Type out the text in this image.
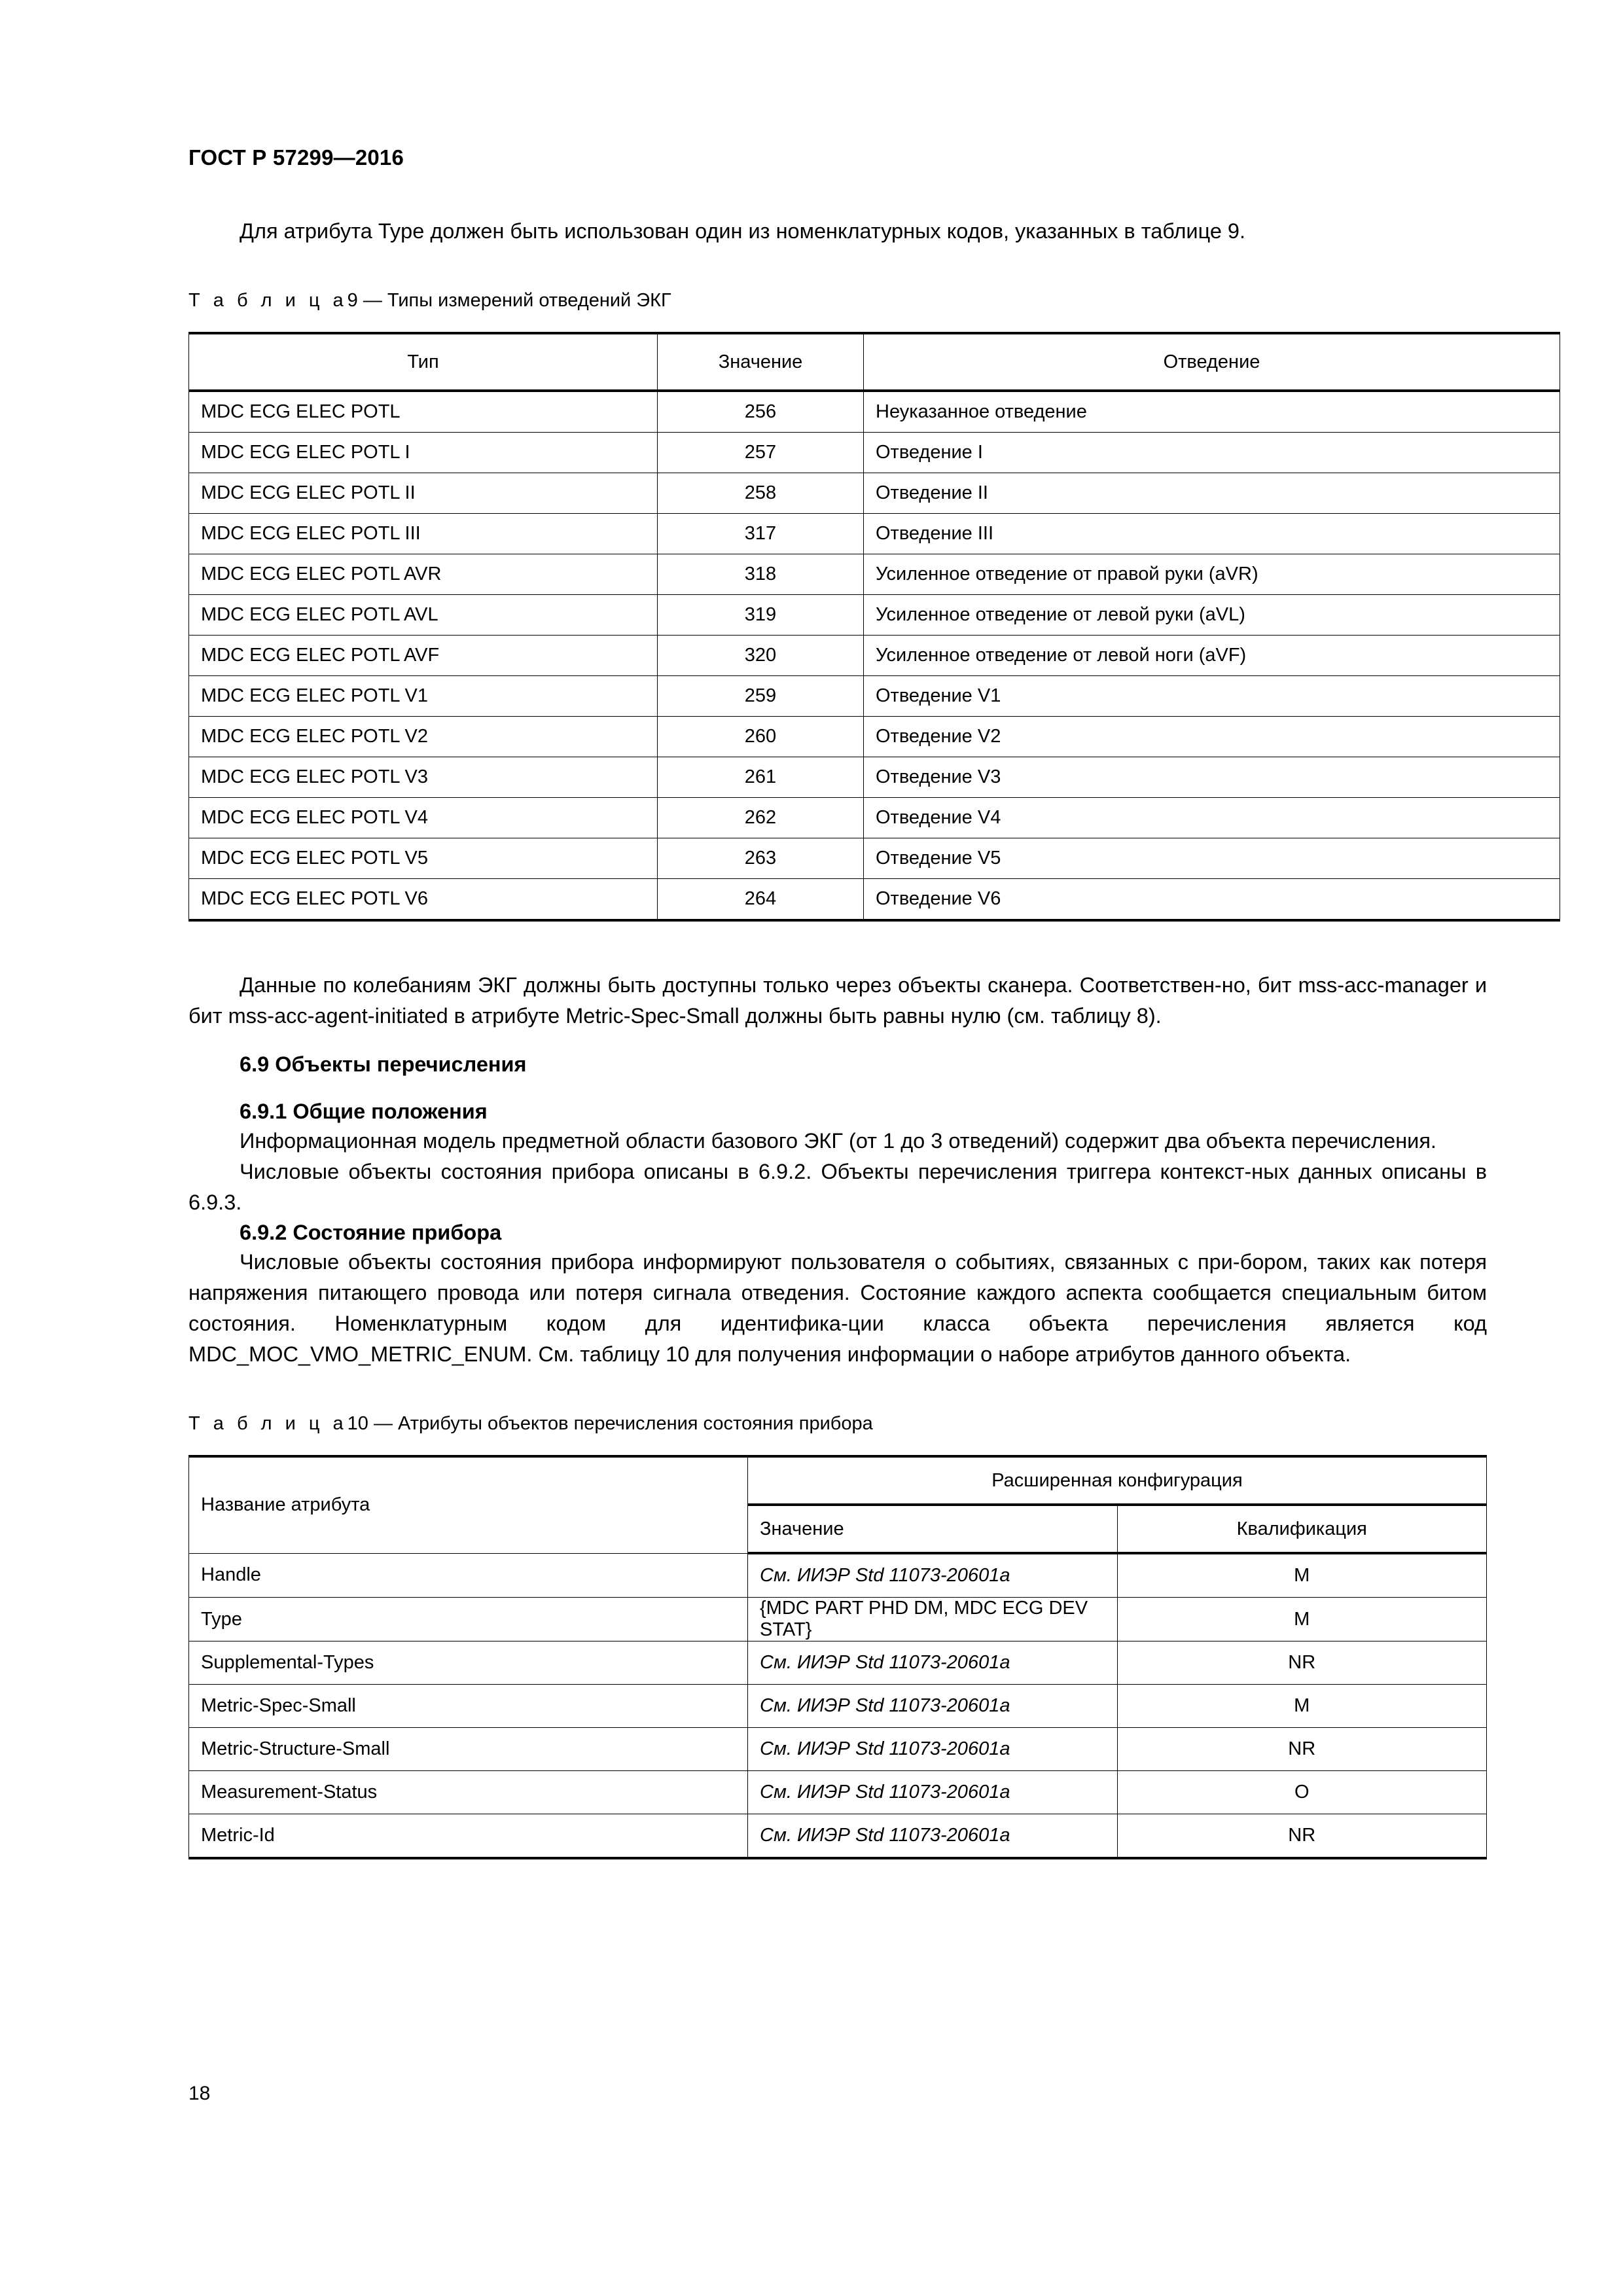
ГОСТ Р 57299—2016

Для атрибута Type должен быть использован один из номенклатурных кодов, указанных в таблице 9.

Т а б л и ц а9 — Типы измерений отведений ЭКГ

Тип	Значение	Отведение
MDC ECG ELEC POTL	256	Неуказанное отведение
MDC ECG ELEC POTL I	257	Отведение I
MDC ECG ELEC POTL II	258	Отведение II
MDC ECG ELEC POTL III	317	Отведение III
MDC ECG ELEC POTL AVR	318	Усиленное отведение от правой руки (aVR)
MDC ECG ELEC POTL AVL	319	Усиленное отведение от левой руки (aVL)
MDC ECG ELEC POTL AVF	320	Усиленное отведение от левой ноги (aVF)
MDC ECG ELEC POTL V1	259	Отведение V1
MDC ECG ELEC POTL V2	260	Отведение V2
MDC ECG ELEC POTL V3	261	Отведение V3
MDC ECG ELEC POTL V4	262	Отведение V4
MDC ECG ELEC POTL V5	263	Отведение V5
MDC ECG ELEC POTL V6	264	Отведение V6

Данные по колебаниям ЭКГ должны быть доступны только через объекты сканера. Соответствен-но, бит mss-acc-manager и бит mss-acc-agent-initiated в атрибуте Metric-Spec-Small должны быть равны нулю (см. таблицу 8).

6.9 Объекты перечисления

6.9.1 Общие положения

Информационная модель предметной области базового ЭКГ (от 1 до 3 отведений) содержит два объекта перечисления.

Числовые объекты состояния прибора описаны в 6.9.2. Объекты перечисления триггера контекст-ных данных описаны в 6.9.3.

6.9.2 Состояние прибора

Числовые объекты состояния прибора информируют пользователя о событиях, связанных с при-бором, таких как потеря напряжения питающего провода или потеря сигнала отведения. Состояние каждого аспекта сообщается специальным битом состояния. Номенклатурным кодом для идентифика-ции класса объекта перечисления является код MDC_MOC_VMO_METRIC_ENUM. См. таблицу 10 для получения информации о наборе атрибутов данного объекта.

Т а б л и ц а10 — Атрибуты объектов перечисления состояния прибора

Название атрибута	Расширенная конфигурация	
	Значение	Квалификация
Handle	См. ИИЭР Std 11073-20601a	М
Type	{MDC PART PHD DM, MDC ECG DEV STAT}	М
Supplemental-Types	См. ИИЭР Std 11073-20601a	NR
Metric-Spec-Small	См. ИИЭР Std 11073-20601a	М
Metric-Structure-Small	См. ИИЭР Std 11073-20601a	NR
Measurement-Status	См. ИИЭР Std 11073-20601a	О
Metric-Id	См. ИИЭР Std 11073-20601a	NR
18
